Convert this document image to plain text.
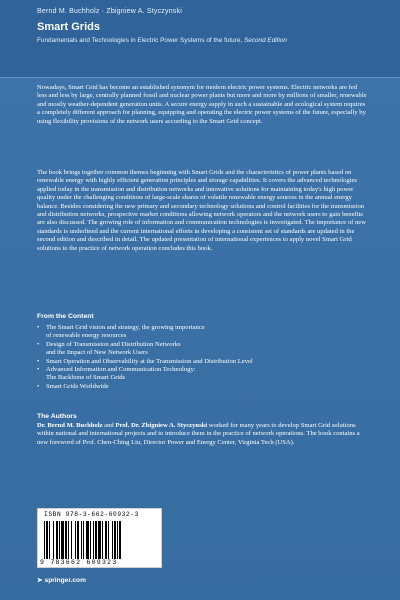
Bernd M. Buchholz · Zbigniew A. Styczynski
Smart Grids
Fundamentals and Technologies in Electric Power Systems of the future, Second Edition

Nowadays, Smart Grid has become an established synonym for modern electric power systems. Electric networks are fed less and less by large, centrally planned fossil and nuclear power plants but more and more by millions of smaller, renewable and mostly weather-dependent generation units. A secure energy supply in such a sustainable and ecological system requires a completely different approach for planning, equipping and operating the electric power systems of the future, especially by using flexibility provisions of the network users according to the Smart Grid concept.

The book brings together common themes beginning with Smart Grids and the characteristics of power plants based on renewable energy with highly efficient generation principles and storage capabilities. It covers the advanced technologies applied today in the transmission and distribution networks and innovative solutions for maintaining today's high power quality under the challenging conditions of large-scale shares of volatile renewable energy sources in the annual energy balance. Besides considering the new primary and secondary technology solutions and control facilities for the transmission and distribution networks, prospective market conditions allowing network operators and the network users to gain benefits are also discussed. The growing role of information and communication technologies is investigated. The importance of new standards is underlined and the current international efforts in developing a consistent set of standards are updated in the second edition and described in detail. The updated presentation of international experiences to apply novel Smart Grid solutions to the practice of network operation concludes this book.

From the Content
• The Smart Grid vision and strategy, the growing importance
of renewable energy resources
• Design of Transmission and Distribution Networks
and the Impact of New Network Users
• Smart Operation and Observability at the Transmission and Distribution Level
• Advanced Information and Communication Technology:
The Backbone of Smart Grids
• Smart Grids Worldwide
The Authors

Dr. Bernd M. Buchholz and Prof. Dr. Zbigniew A. Styczynski worked for many years to develop Smart Grid solutions within national and international projects and to introduce them in the practice of network operations. The book contains a new foreword of Prof. Chen-Ching Liu, Director Power and Energy Center, Virginia Tech (USA).

ISBN 978-3-662-60932-3
9 783662 609323
➤ springer.com
